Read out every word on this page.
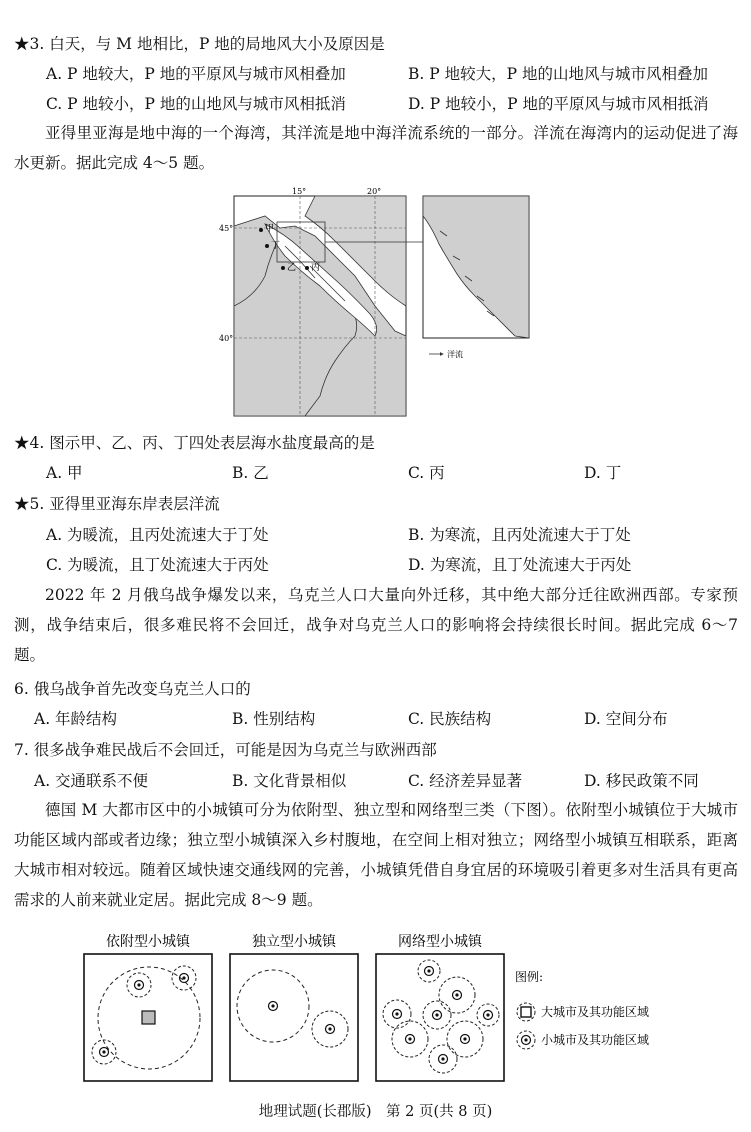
★3. 白天，与 M 地相比，P 地的局地风大小及原因是
A. P 地较大，P 地的平原风与城市风相叠加	B. P 地较大，P 地的山地风与城市风相叠加
C. P 地较小，P 地的山地风与城市风相抵消	D. P 地较小，P 地的平原风与城市风相抵消
亚得里亚海是地中海的一个海湾，其洋流是地中海洋流系统的一部分。洋流在海湾内的运动促进了海水更新。据此完成 4～5 题。
甲
乙 丙
丁
15°	20°
45°
40°
洋流
★4. 图示甲、乙、丙、丁四处表层海水盐度最高的是
A. 甲	B. 乙	C. 丙	D. 丁
★5. 亚得里亚海东岸表层洋流
A. 为暖流，且丙处流速大于丁处	B. 为寒流，且丙处流速大于丁处
C. 为暖流，且丁处流速大于丙处	D. 为寒流，且丁处流速大于丙处
2022 年 2 月俄乌战争爆发以来，乌克兰人口大量向外迁移，其中绝大部分迁往欧洲西部。专家预测，战争结束后，很多难民将不会回迁，战争对乌克兰人口的影响将会持续很长时间。据此完成 6～7 题。
6. 俄乌战争首先改变乌克兰人口的
A. 年龄结构	B. 性别结构	C. 民族结构	D. 空间分布
7. 很多战争难民战后不会回迁，可能是因为乌克兰与欧洲西部
A. 交通联系不便	B. 文化背景相似	C. 经济差异显著	D. 移民政策不同
德国 M 大都市区中的小城镇可分为依附型、独立型和网络型三类（下图）。依附型小城镇位于大城市功能区域内部或者边缘；独立型小城镇深入乡村腹地，在空间上相对独立；网络型小城镇互相联系，距离大城市相对较远。随着区域快速交通线网的完善，小城镇凭借自身宜居的环境吸引着更多对生活具有更高需求的人前来就业定居。据此完成 8～9 题。
依附型小城镇	独立型小城镇	网络型小城镇
图例:
大城市及其功能区域
小城市及其功能区域
地理试题(长郡版)　第 2 页(共 8 页)
